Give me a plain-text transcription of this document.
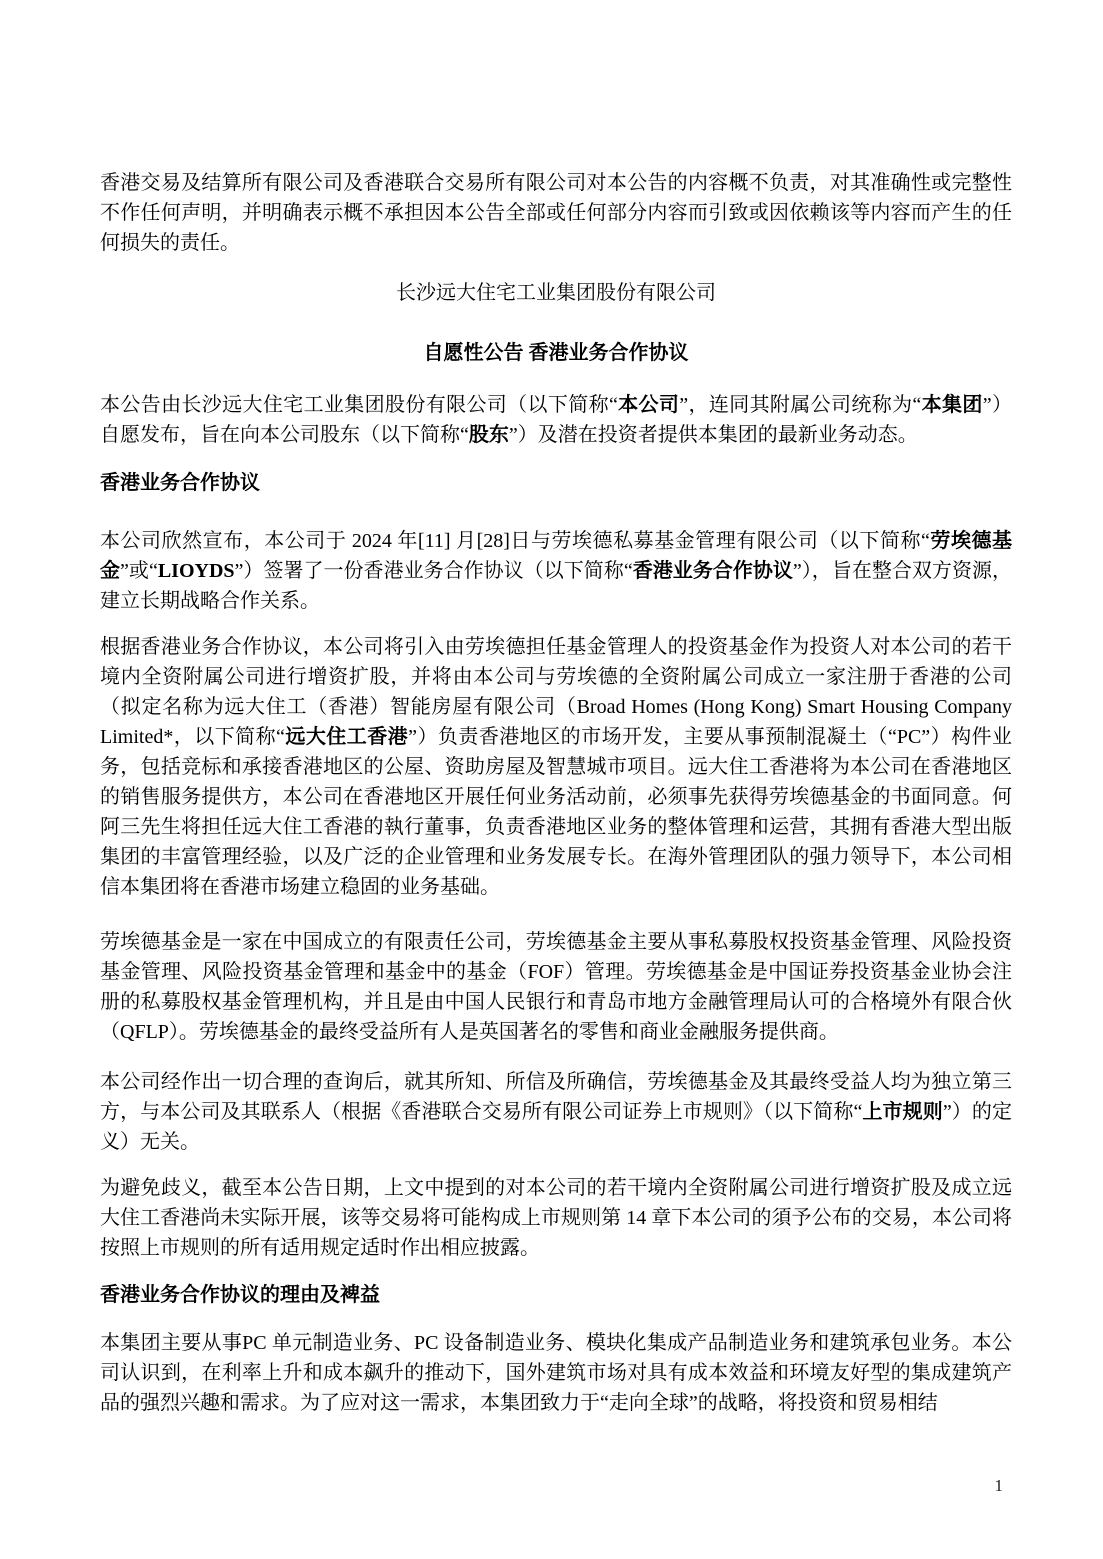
香港交易及结算所有限公司及香港联合交易所有限公司对本公告的内容概不负责，对其准确性或完整性不作任何声明，并明确表示概不承担因本公告全部或任何部分内容而引致或因依赖该等内容而产生的任何损失的责任。

长沙远大住宅工业集团股份有限公司
自愿性公告 香港业务合作协议

本公告由长沙远大住宅工业集团股份有限公司（以下简称“本公司”，连同其附属公司统称为“本集团”）自愿发布，旨在向本公司股东（以下简称“股东”）及潜在投资者提供本集团的最新业务动态。

香港业务合作协议

本公司欣然宣布，本公司于 2024 年[11] 月[28]日与劳埃德私募基金管理有限公司（以下简称“劳埃德基金”或“LIOYDS”）签署了一份香港业务合作协议（以下简称“香港业务合作协议”），旨在整合双方资源，建立长期战略合作关系。

根据香港业务合作协议，本公司将引入由劳埃德担任基金管理人的投资基金作为投资人对本公司的若干境内全资附属公司进行增资扩股，并将由本公司与劳埃德的全资附属公司成立一家注册于香港的公司（拟定名称为远大住工（香港）智能房屋有限公司（Broad Homes (Hong Kong) Smart Housing Company Limited*，以下简称“远大住工香港”）负责香港地区的市场开发，主要从事预制混凝土（“PC”）构件业务，包括竞标和承接香港地区的公屋、资助房屋及智慧城市项目。远大住工香港将为本公司在香港地区的销售服务提供方，本公司在香港地区开展任何业务活动前，必须事先获得劳埃德基金的书面同意。何阿三先生将担任远大住工香港的執行董事，负责香港地区业务的整体管理和运营，其拥有香港大型出版集团的丰富管理经验，以及广泛的企业管理和业务发展专长。在海外管理团队的强力领导下，本公司相信本集团将在香港市场建立稳固的业务基础。

劳埃德基金是一家在中国成立的有限责任公司，劳埃德基金主要从事私募股权投资基金管理、风险投资基金管理、风险投资基金管理和基金中的基金（FOF）管理。劳埃德基金是中国证券投资基金业协会注册的私募股权基金管理机构，并且是由中国人民银行和青岛市地方金融管理局认可的合格境外有限合伙（QFLP）。劳埃德基金的最终受益所有人是英国著名的零售和商业金融服务提供商。

本公司经作出一切合理的查询后，就其所知、所信及所确信，劳埃德基金及其最终受益人均为独立第三方，与本公司及其联系人（根据《香港联合交易所有限公司证券上市规则》（以下简称“上市规则”）的定义）无关。

为避免歧义，截至本公告日期，上文中提到的对本公司的若干境内全资附属公司进行增资扩股及成立远大住工香港尚未实际开展，该等交易将可能构成上市规则第 14 章下本公司的須予公布的交易，本公司将按照上市规则的所有适用规定适时作出相应披露。

香港业务合作协议的理由及裨益

本集团主要从事PC 单元制造业务、PC 设备制造业务、模块化集成产品制造业务和建筑承包业务。本公司认识到，在利率上升和成本飙升的推动下，国外建筑市场对具有成本效益和环境友好型的集成建筑产品的强烈兴趣和需求。为了应对这一需求，本集团致力于“走向全球”的战略，将投资和贸易相结

1
